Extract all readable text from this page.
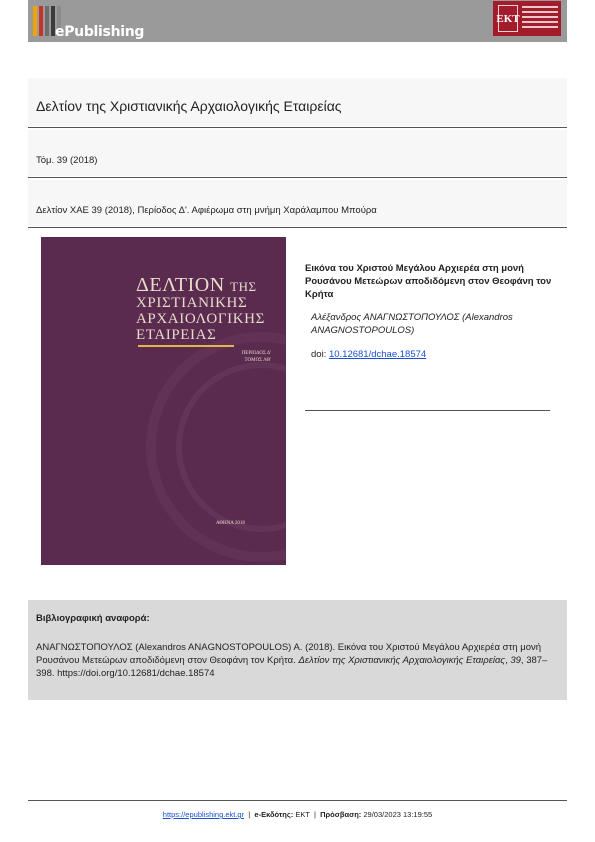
ePublishing
ΕΚΤ
Δελτίον της Χριστιανικής Αρχαιολογικής Εταιρείας
Τόμ. 39 (2018)
Δελτίον ΧΑΕ 39 (2018), Περίοδος Δ'. Αφιέρωμα στη μνήμη Χαράλαμπου Μπούρα
ΔΕΛΤΙΟΝ ΤΗΣ
ΧΡΙΣΤΙΑΝΙΚΗΣ
ΑΡΧΑΙΟΛΟΓΙΚΗΣ
ΕΤΑΙΡΕΙΑΣ
ΠΕΡΙΟΔΟΣ Δ'
ΤΟΜΟΣ ΛΘ'
ΑΘΗΝΑ 2018
Εικόνα του Χριστού Μεγάλου Αρχιερέα στη μονή Ρουσάνου Μετεώρων αποδιδόμενη στον Θεοφάνη τον Κρήτα
Αλέξανδρος ΑΝΑΓΝΩΣΤΟΠΟΥΛΟΣ (Alexandros ANAGNOSTOPOULOS)
doi: 10.12681/dchae.18574
Βιβλιογραφική αναφορά:
ΑΝΑΓΝΩΣΤΟΠΟΥΛΟΣ (Alexandros ANAGNOSTOPOULOS) Α. (2018). Εικόνα του Χριστού Μεγάλου Αρχιερέα στη μονή Ρουσάνου Μετεώρων αποδιδόμενη στον Θεοφάνη τον Κρήτα. Δελτίον της Χριστιανικής Αρχαιολογικής Εταιρείας, 39, 387–398. https://doi.org/10.12681/dchae.18574
https://epublishing.ekt.gr  |  e-Εκδότης: EKT  |  Πρόσβαση: 29/03/2023 13:19:55
